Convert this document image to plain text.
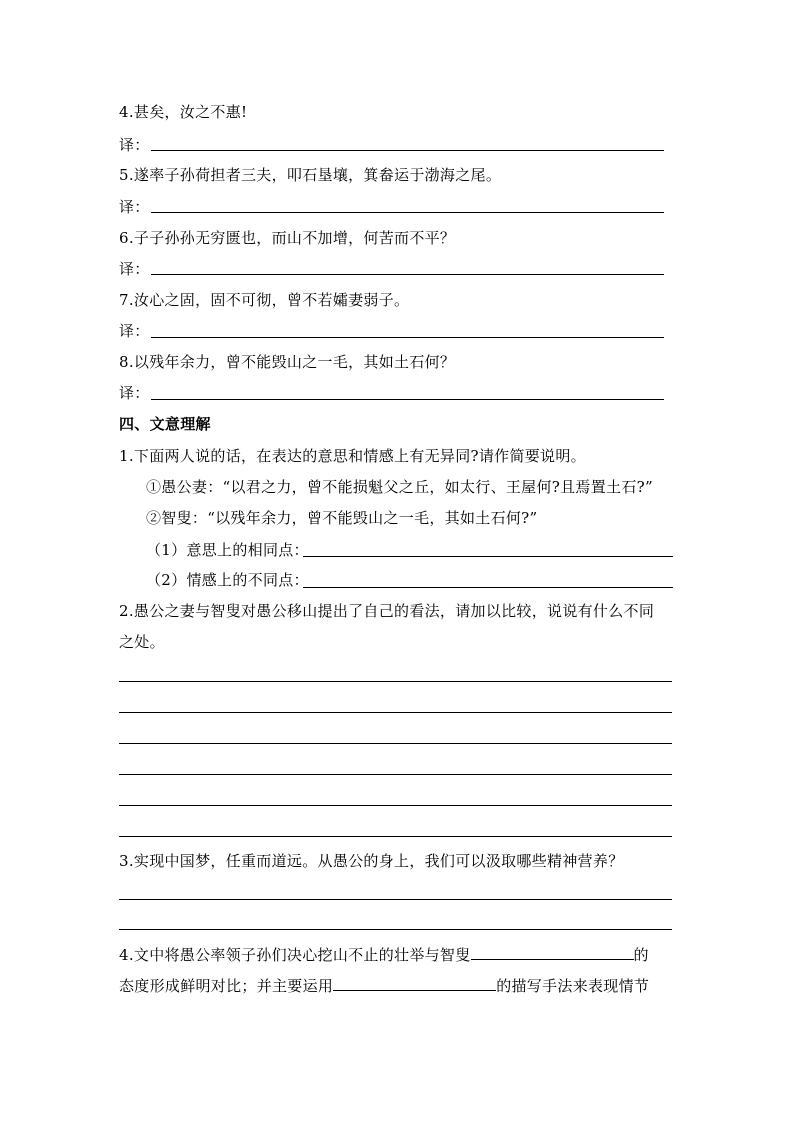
4.甚矣，汝之不惠!
译：
5.遂率子孙荷担者三夫，叩石垦壤，箕畚运于渤海之尾。
译：
6.子子孙孙无穷匮也，而山不加增，何苦而不平？
译：
7.汝心之固，固不可彻，曾不若孀妻弱子。
译：
8.以残年余力，曾不能毁山之一毛，其如土石何？
译：
四、文意理解
1.下面两人说的话，在表达的意思和情感上有无异同?请作简要说明。
①愚公妻：“以君之力，曾不能损魁父之丘，如太行、王屋何?且焉置土石?”
②智叟：“以残年余力，曾不能毁山之一毛，其如土石何?”
（1）意思上的相同点：
（2）情感上的不同点：
2.愚公之妻与智叟对愚公移山提出了自己的看法，请加以比较，说说有什么不同
之处。
3.实现中国梦，任重而道远。从愚公的身上，我们可以汲取哪些精神营养？
4.文中将愚公率领子孙们决心挖山不止的壮举与智叟	的
态度形成鲜明对比；并主要运用	的描写手法来表现情节
